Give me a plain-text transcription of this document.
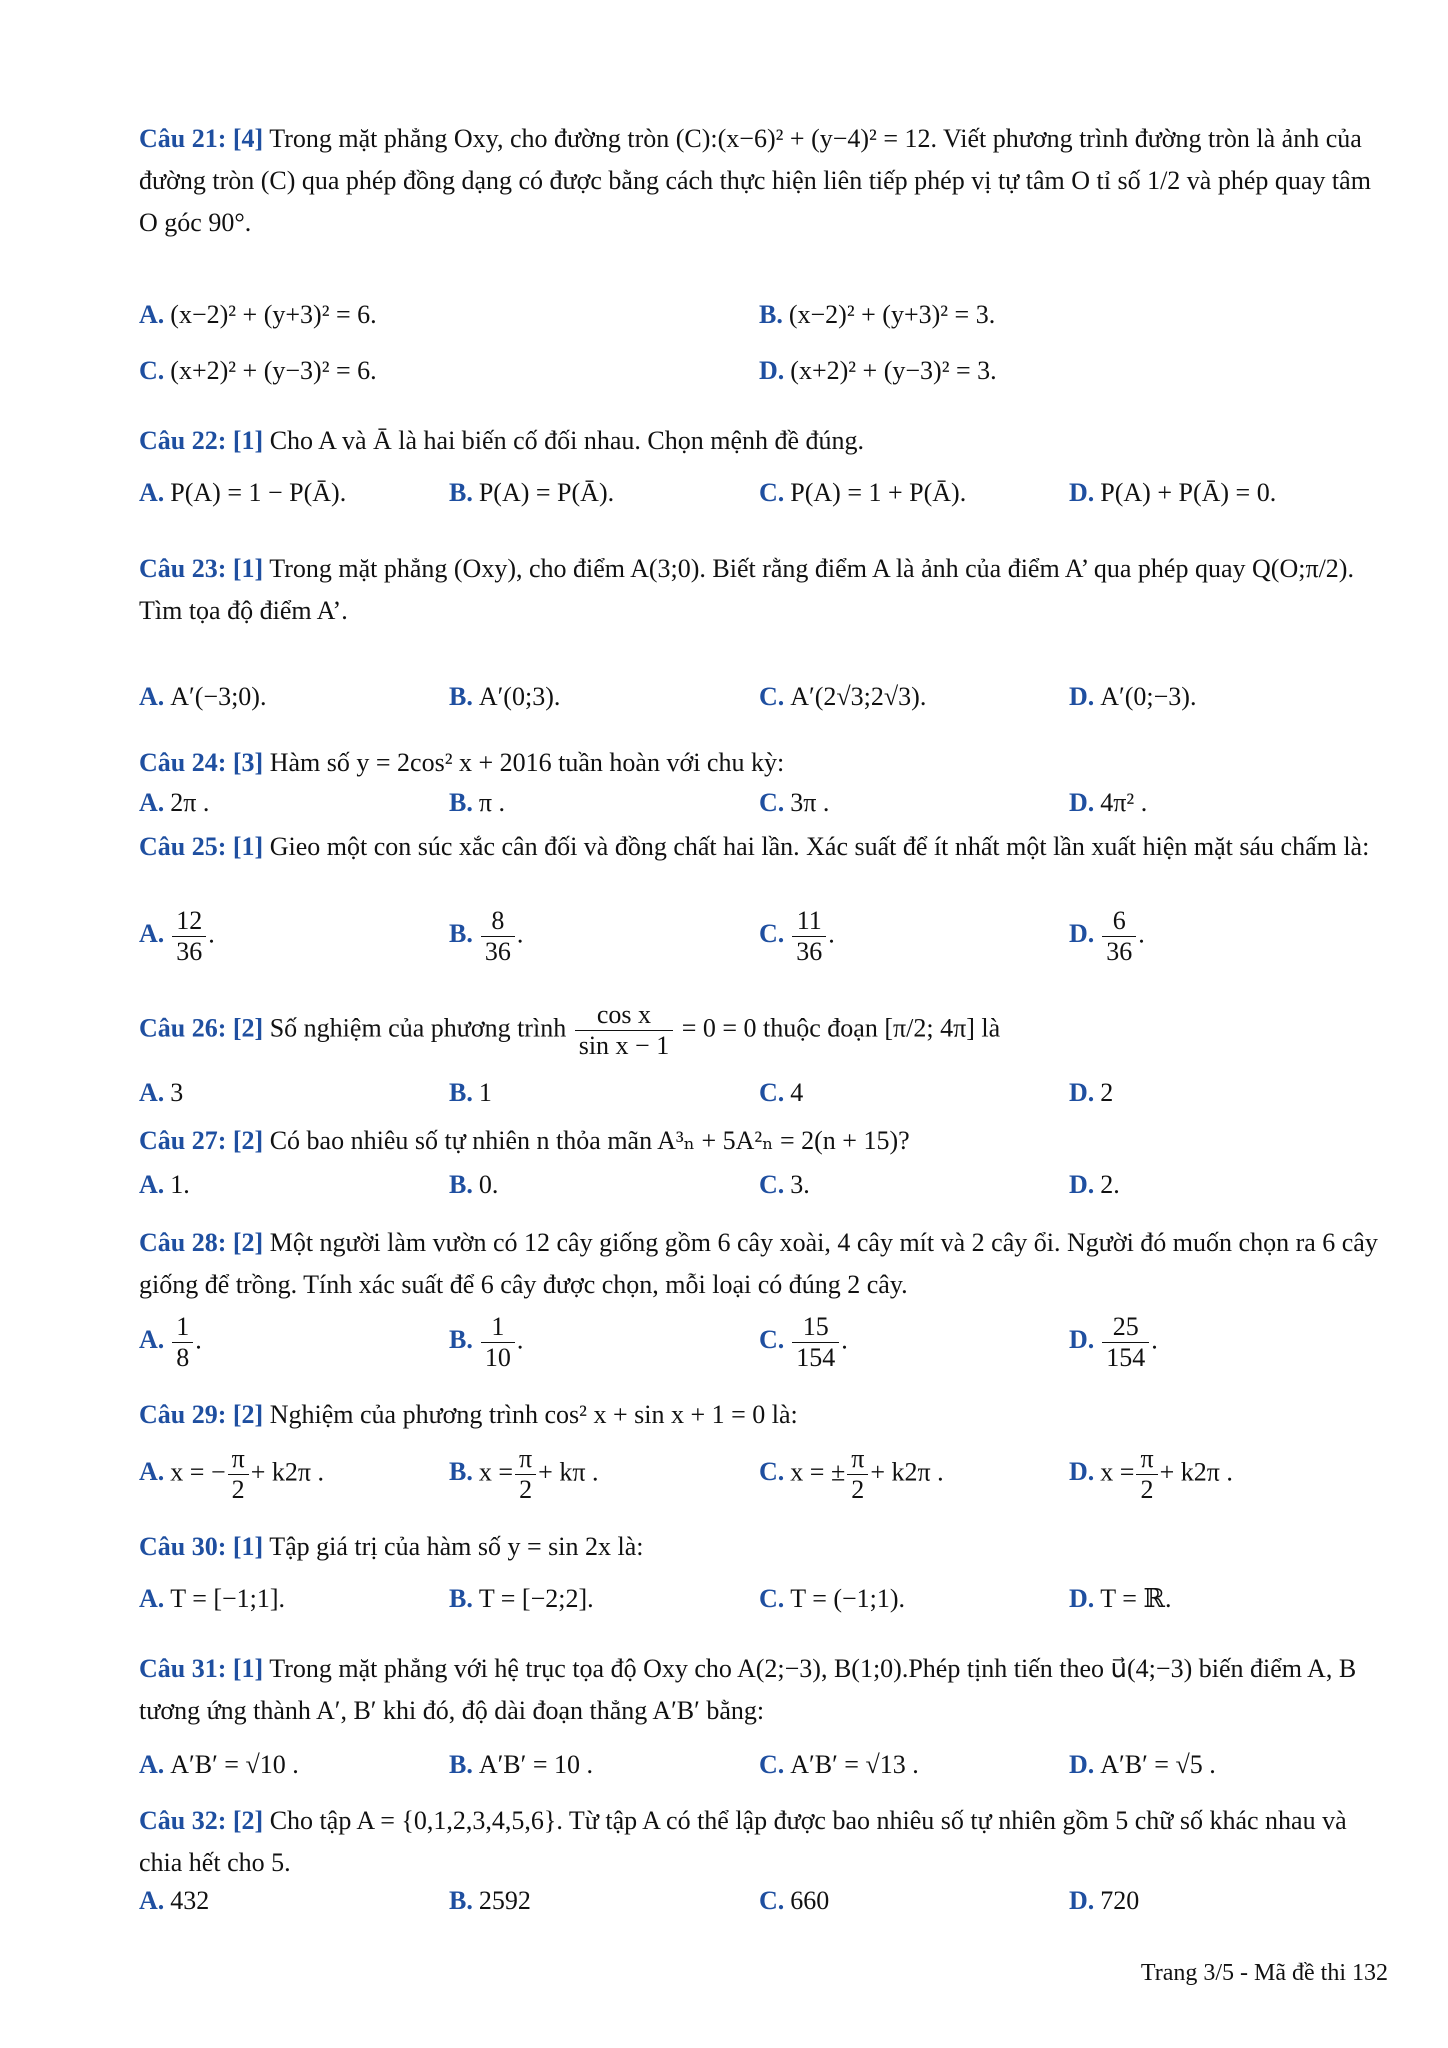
Câu 21: [4] Trong mặt phẳng Oxy, cho đường tròn (C):(x−6)² + (y−4)² = 12. Viết phương trình đường tròn là ảnh của đường tròn (C) qua phép đồng dạng có được bằng cách thực hiện liên tiếp phép vị tự tâm O tỉ số 1/2 và phép quay tâm O góc 90°.
A. (x−2)² + (y+3)² = 6.	B. (x−2)² + (y+3)² = 3.
C. (x+2)² + (y−3)² = 6.	D. (x+2)² + (y−3)² = 3.
Câu 22: [1] Cho A và Ā là hai biến cố đối nhau. Chọn mệnh đề đúng.
A. P(A) = 1 − P(Ā).	B. P(A) = P(Ā).	C. P(A) = 1 + P(Ā).	D. P(A) + P(Ā) = 0.
Câu 23: [1] Trong mặt phẳng (Oxy), cho điểm A(3;0). Biết rằng điểm A là ảnh của điểm A’ qua phép quay Q(O;π/2). Tìm tọa độ điểm A’.
A. A′(−3;0).	B. A′(0;3).	C. A′(2√3;2√3).	D. A′(0;−3).
Câu 24: [3] Hàm số y = 2cos² x + 2016 tuần hoàn với chu kỳ:
A. 2π .	B. π .	C. 3π .	D. 4π² .
Câu 25: [1] Gieo một con súc xắc cân đối và đồng chất hai lần. Xác suất để ít nhất một lần xuất hiện mặt sáu chấm là:
A. $\frac{12}{36}$ .	B. $\frac{8}{36}$ .	C. $\frac{11}{36}$ .	D. $\frac{6}{36}$ .
Câu 26: [2] Số nghiệm của phương trình $\frac{\text{cos x}}{\text{sin x − 1}} = 0 = 0$ thuộc đoạn [π/2; 4π] là
A. 3	B. 1	C. 4	D. 2
Câu 27: [2] Có bao nhiêu số tự nhiên n thỏa mãn A³ₙ + 5A²ₙ = 2(n + 15)?
A. 1.	B. 0.	C. 3.	D. 2.
Câu 28: [2] Một người làm vườn có 12 cây giống gồm 6 cây xoài, 4 cây mít và 2 cây ổi. Người đó muốn chọn ra 6 cây giống để trồng. Tính xác suất để 6 cây được chọn, mỗi loại có đúng 2 cây.
A. $\frac{1}{8}$ .	B. $\frac{1}{10}$ .	C. $\frac{15}{154}$ .	D. $\frac{25}{154}$ .
Câu 29: [2] Nghiệm của phương trình cos² x + sin x + 1 = 0 là:
A. x = − $\frac{\pi}{2} + k2\pi$ .	B. $x = \frac{\pi}{2} + k\pi$ .	C. x = ± $\frac{\pi}{2} + k2\pi$ .	D. $x = \frac{\pi}{2} + k2\pi$ .
Câu 30: [1] Tập giá trị của hàm số y = sin 2x là:
A. T = [−1;1].	B. T = [−2;2].	C. T = (−1;1).	D. T = ℝ.
Câu 31: [1] Trong mặt phẳng với hệ trục tọa độ Oxy cho A(2;−3), B(1;0).Phép tịnh tiến theo u⃗(4;−3) biến điểm A, B tương ứng thành A′, B′ khi đó, độ dài đoạn thẳng A′B′ bằng:
A. A′B′ = √10 .	B. A′B′ = 10 .	C. A′B′ = √13 .	D. A′B′ = √5 .
Câu 32: [2] Cho tập A = {0,1,2,3,4,5,6}. Từ tập A có thể lập được bao nhiêu số tự nhiên gồm 5 chữ số khác nhau và chia hết cho 5.
A. 432	B. 2592	C. 660	D. 720
Trang 3/5 - Mã đề thi 132
